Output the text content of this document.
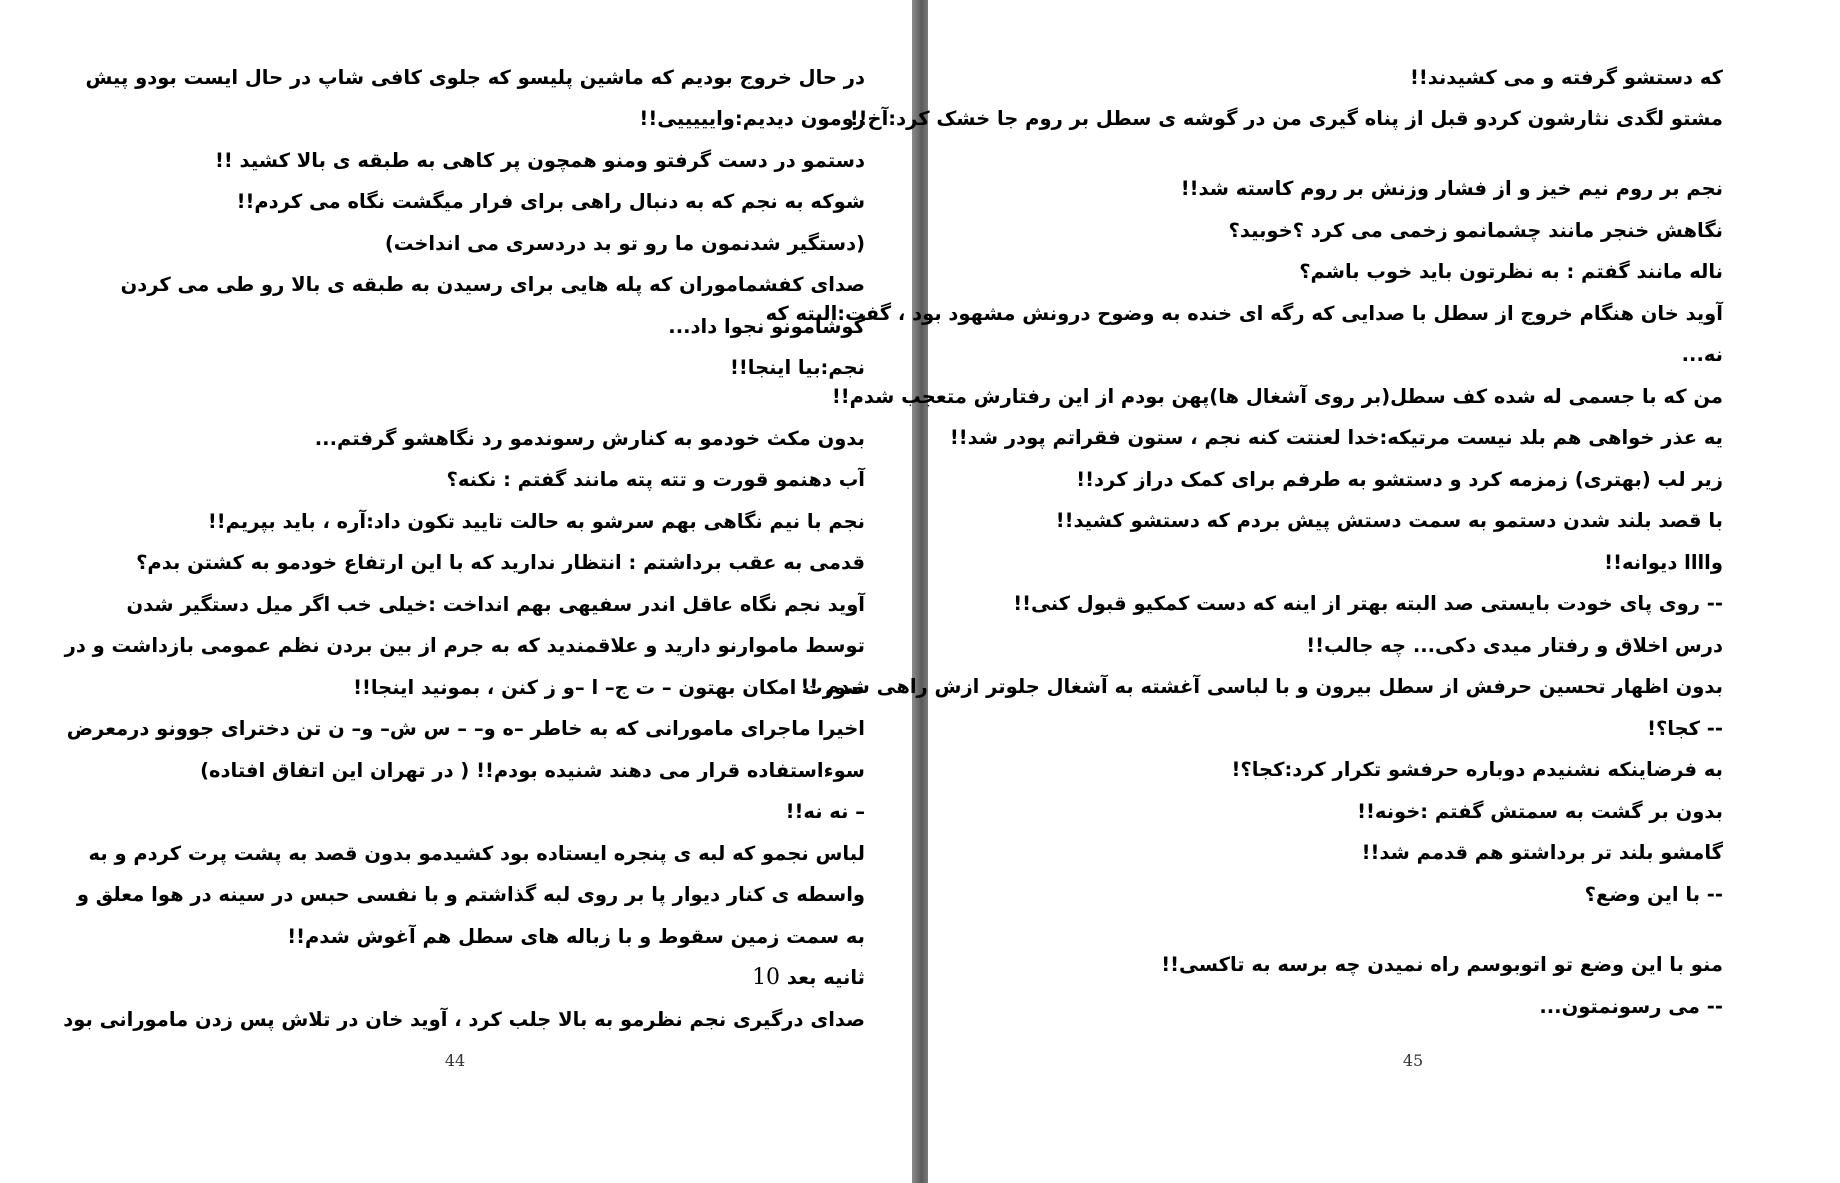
در حال خروج بودیم که ماشین پلیسو که جلوی کافی شاپ در حال ایست بودو پیش
رومون دیدیم:وایییییی!!
دستمو در دست گرفتو ومنو همچون پر کاهی به طبقه ی بالا کشید !!
شوکه به نجم که به دنبال راهی برای فرار میگشت نگاه می کردم!!
(دستگیر شدنمون ما رو تو بد دردسری می انداخت)
صدای کفشماموران که پله هایی برای رسیدن به طبقه ی بالا رو طی می کردن
گوشامونو نجوا داد...
نجم:بیا اینجا!!
بدون مکث خودمو به کنارش رسوندمو رد نگاهشو گرفتم...
آب دهنمو قورت و تته پته مانند گفتم : نکنه؟
نجم با نیم نگاهی بهم سرشو به حالت تایید تکون داد:آره ، باید بپریم!!
قدمی به عقب برداشتم : انتظار ندارید که با این ارتفاع خودمو به کشتن بدم؟
آوید نجم نگاه عاقل اندر سفیهی بهم انداخت :خیلی خب اگر میل دستگیر شدن
توسط ماموارنو دارید و علاقمندید که به جرم از بین بردن نظم عمومی بازداشت و در
صورت امکان بهتون – ت ج– ا –و ز کنن ، بمونید اینجا!!
اخیرا ماجرای مامورانی که به خاطر –ه و– – س ش– و– ن تن دختر‌ای جوونو درمعرض
سوءاستفاده قرار می دهند شنیده بودم!! ( در تهران این اتفاق افتاده)
– نه نه!!
لباس نجمو که لبه ی پنجره ایستاده بود کشیدمو بدون قصد به پشت پرت کردم و به
واسطه ی کنار دیوار پا بر روی لبه گذاشتم و با نفسی حبس در سینه در هوا معلق و
به سمت زمین سقوط و با زباله های سطل هم آغوش شدم!!
ثانیه بعد 10
صدای درگیری نجم نظرمو به بالا جلب کرد ، آوید خان در تلاش پس زدن مامورانی بود
44
که دستشو گرفته و می کشیدند!!
مشتو لگدی نثارشون کردو قبل از پناه گیری من در گوشه ی سطل بر روم جا خشک کرد:آخ!!
نجم بر روم نیم خیز و از فشار وزنش بر روم کاسته شد!!
نگاهش خنجر مانند چشمانمو زخمی می کرد ؟خوبید؟
ناله مانند گفتم : به نظرتون باید خوب باشم؟
آوید خان هنگام خروج از سطل با صدایی که رگه ای خنده به وضوح درونش مشهود بود ، گفت:البته که
نه...
من که با جسمی له شده کف سطل(بر روی آشغال ها)پهن بودم از این رفتارش متعجب شدم!!
یه عذر خواهی هم بلد نیست مرتیکه:خدا لعنتت کنه نجم ، ستون فقراتم پودر شد!!
زیر لب (بهتری) زمزمه کرد و دستشو به طرفم برای کمک دراز کرد!!
با قصد بلند شدن دستمو به سمت دستش پیش بردم که دستشو کشید!!
واااا دیوانه!!
-- روی پای خودت بایستی صد البته بهتر از اینه که دست کمکیو قبول کنی!!
درس اخلاق و رفتار میدی دکی... چه جالب!!
بدون اظهار تحسین حرفش از سطل بیرون و با لباسی آغشته به آشغال جلوتر ازش راهی شدم !!
-- کجا؟!
به فرضاینکه نشنیدم دوباره حرفشو تکرار کرد:کجا؟!
بدون بر گشت به سمتش گفتم :خونه!!
گامشو بلند تر برداشتو هم قدمم شد!!
-- با این وضع؟
منو با این وضع تو اتوبوسم راه نمیدن چه برسه به تاکسی!!
-- می رسونمتون...
45
